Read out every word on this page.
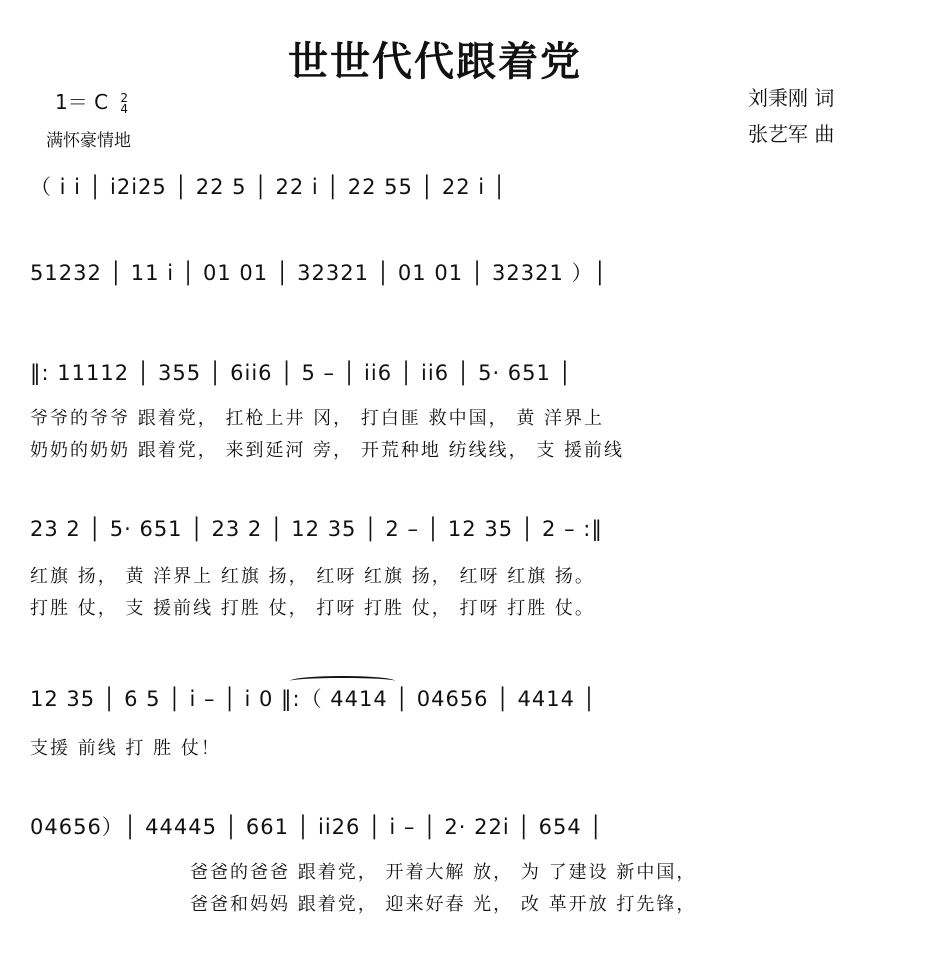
世世代代跟着党
1＝ C 2
4
满怀豪情地
刘秉刚 词
张艺军 曲
（ i i │ i2i25 │ 22 5 │ 22 i │ 22 55 │ 22 i │
51232 │ 11 i │ 01 01 │ 32321 │ 01 01 │ 32321 ）│
‖: 11112 │ 355 │ 6ii6 │ 5 – │ ii6 │ ii6 │ 5· 651 │
爷爷的爷爷 跟着党， 扛枪上井 冈， 打白匪 救中国， 黄 洋界上
奶奶的奶奶 跟着党， 来到延河 旁， 开荒种地 纺线线， 支 援前线
23 2 │ 5· 651 │ 23 2 │ 12 35 │ 2 – │ 12 35 │ 2 – :‖
红旗 扬， 黄 洋界上 红旗 扬， 红呀 红旗 扬， 红呀 红旗 扬。
打胜 仗， 支 援前线 打胜 仗， 打呀 打胜 仗， 打呀 打胜 仗。
12 35 │ 6 5 │ i – │ i 0 ‖:（ 4414 │ 04656 │ 4414 │
支援 前线 打 胜 仗！
04656）│ 44445 │ 661 │ ii26 │ i – │ 2· 22i │ 654 │
爸爸的爸爸 跟着党， 开着大解 放， 为 了建设 新中国，
爸爸和妈妈 跟着党， 迎来好春 光， 改 革开放 打先锋，
